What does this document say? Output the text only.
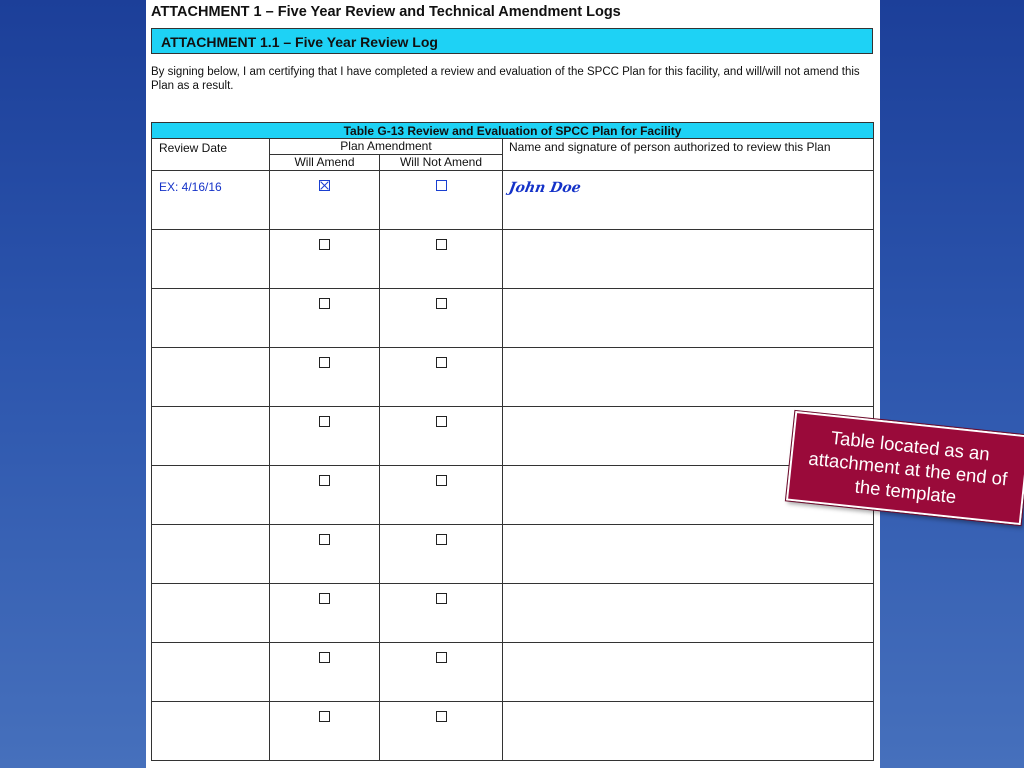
ATTACHMENT 1 – Five Year Review and Technical Amendment Logs
ATTACHMENT 1.1 – Five Year Review Log
By signing below, I am certifying that I have completed a review and evaluation of the SPCC Plan for this facility, and will/will not amend this Plan as a result.
Table G-13 Review and Evaluation of SPCC Plan for Facility			
Review Date	Plan Amendment		Name and signature of person authorized to review this Plan
	Will Amend	Will Not Amend	
EX: 4/16/16			John Doe

Table located as an attachment at the end of the template
